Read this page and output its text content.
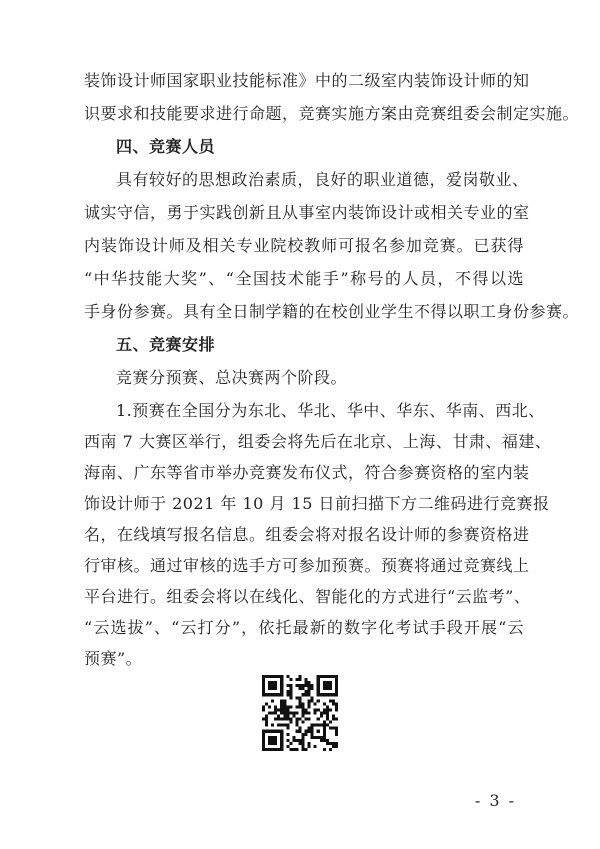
装饰设计师国家职业技能标准》中的二级室内装饰设计师的知
识要求和技能要求进行命题，竞赛实施方案由竞赛组委会制定实施。
四、竞赛人员
具有较好的思想政治素质，良好的职业道德，爱岗敬业、
诚实守信，勇于实践创新且从事室内装饰设计或相关专业的室
内装饰设计师及相关专业院校教师可报名参加竞赛。已获得
“中华技能大奖”、“全国技术能手”称号的人员，不得以选
手身份参赛。具有全日制学籍的在校创业学生不得以职工身份参赛。
五、竞赛安排
竞赛分预赛、总决赛两个阶段。
1.预赛在全国分为东北、华北、华中、华东、华南、西北、
西南 7 大赛区举行，组委会将先后在北京、上海、甘肃、福建、
海南、广东等省市举办竞赛发布仪式，符合参赛资格的室内装
饰设计师于 2021 年 10 月 15 日前扫描下方二维码进行竞赛报
名，在线填写报名信息。组委会将对报名设计师的参赛资格进
行审核。通过审核的选手方可参加预赛。预赛将通过竞赛线上
平台进行。组委会将以在线化、智能化的方式进行“云监考”、
“云选拔”、“云打分”，依托最新的数字化考试手段开展“云
- 3 -
预赛”。
